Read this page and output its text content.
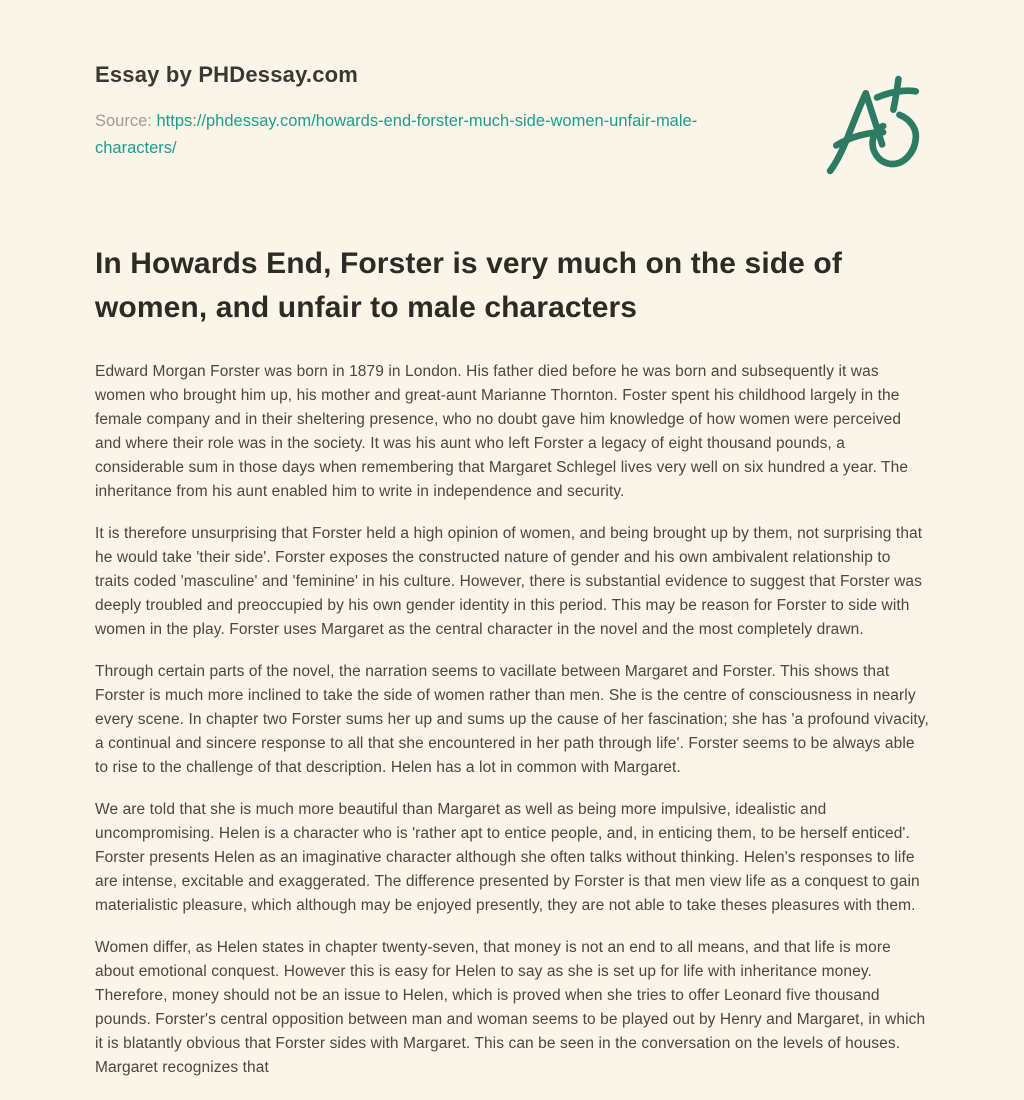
Essay by PHDessay.com

Source: https://phdessay.com/howards-end-forster-much-side-women-unfair-male-characters/

In Howards End, Forster is very much on the side of women, and unfair to male characters

Edward Morgan Forster was born in 1879 in London. His father died before he was born and subsequently it was women who brought him up, his mother and great-aunt Marianne Thornton. Foster spent his childhood largely in the female company and in their sheltering presence, who no doubt gave him knowledge of how women were perceived and where their role was in the society. It was his aunt who left Forster a legacy of eight thousand pounds, a considerable sum in those days when remembering that Margaret Schlegel lives very well on six hundred a year. The inheritance from his aunt enabled him to write in independence and security.

It is therefore unsurprising that Forster held a high opinion of women, and being brought up by them, not surprising that he would take 'their side'. Forster exposes the constructed nature of gender and his own ambivalent relationship to traits coded 'masculine' and 'feminine' in his culture. However, there is substantial evidence to suggest that Forster was deeply troubled and preoccupied by his own gender identity in this period. This may be reason for Forster to side with women in the play. Forster uses Margaret as the central character in the novel and the most completely drawn.

Through certain parts of the novel, the narration seems to vacillate between Margaret and Forster. This shows that Forster is much more inclined to take the side of women rather than men. She is the centre of consciousness in nearly every scene. In chapter two Forster sums her up and sums up the cause of her fascination; she has 'a profound vivacity, a continual and sincere response to all that she encountered in her path through life'. Forster seems to be always able to rise to the challenge of that description. Helen has a lot in common with Margaret.

We are told that she is much more beautiful than Margaret as well as being more impulsive, idealistic and uncompromising. Helen is a character who is 'rather apt to entice people, and, in enticing them, to be herself enticed'. Forster presents Helen as an imaginative character although she often talks without thinking. Helen's responses to life are intense, excitable and exaggerated. The difference presented by Forster is that men view life as a conquest to gain materialistic pleasure, which although may be enjoyed presently, they are not able to take theses pleasures with them.

Women differ, as Helen states in chapter twenty-seven, that money is not an end to all means, and that life is more about emotional conquest. However this is easy for Helen to say as she is set up for life with inheritance money. Therefore, money should not be an issue to Helen, which is proved when she tries to offer Leonard five thousand pounds. Forster's central opposition between man and woman seems to be played out by Henry and Margaret, in which it is blatantly obvious that Forster sides with Margaret. This can be seen in the conversation on the levels of houses. Margaret recognizes that
